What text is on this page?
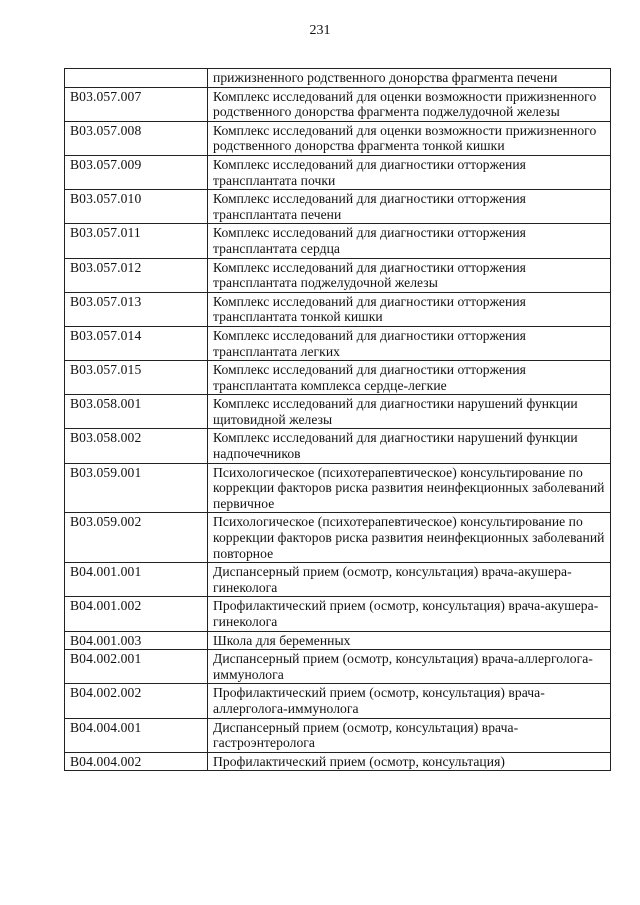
231
	прижизненного родственного донорства фрагмента печени
B03.057.007	Комплекс исследований для оценки возможности прижизненного родственного донорства фрагмента поджелудочной железы
B03.057.008	Комплекс исследований для оценки возможности прижизненного родственного донорства фрагмента тонкой кишки
B03.057.009	Комплекс исследований для диагностики отторжения трансплантата почки
B03.057.010	Комплекс исследований для диагностики отторжения трансплантата печени
B03.057.011	Комплекс исследований для диагностики отторжения трансплантата сердца
B03.057.012	Комплекс исследований для диагностики отторжения трансплантата поджелудочной железы
B03.057.013	Комплекс исследований для диагностики отторжения трансплантата тонкой кишки
B03.057.014	Комплекс исследований для диагностики отторжения трансплантата легких
B03.057.015	Комплекс исследований для диагностики отторжения трансплантата комплекса сердце-легкие
B03.058.001	Комплекс исследований для диагностики нарушений функции щитовидной железы
B03.058.002	Комплекс исследований для диагностики нарушений функции надпочечников
B03.059.001	Психологическое (психотерапевтическое) консультирование по коррекции факторов риска развития неинфекционных заболеваний первичное
B03.059.002	Психологическое (психотерапевтическое) консультирование по коррекции факторов риска развития неинфекционных заболеваний повторное
B04.001.001	Диспансерный прием (осмотр, консультация) врача-акушера-гинеколога
B04.001.002	Профилактический прием (осмотр, консультация) врача-акушера-гинеколога
B04.001.003	Школа для беременных
B04.002.001	Диспансерный прием (осмотр, консультация) врача-аллерголога-иммунолога
B04.002.002	Профилактический прием (осмотр, консультация) врача-аллерголога-иммунолога
B04.004.001	Диспансерный прием (осмотр, консультация) врача-гастроэнтеролога
B04.004.002	Профилактический прием (осмотр, консультация)
